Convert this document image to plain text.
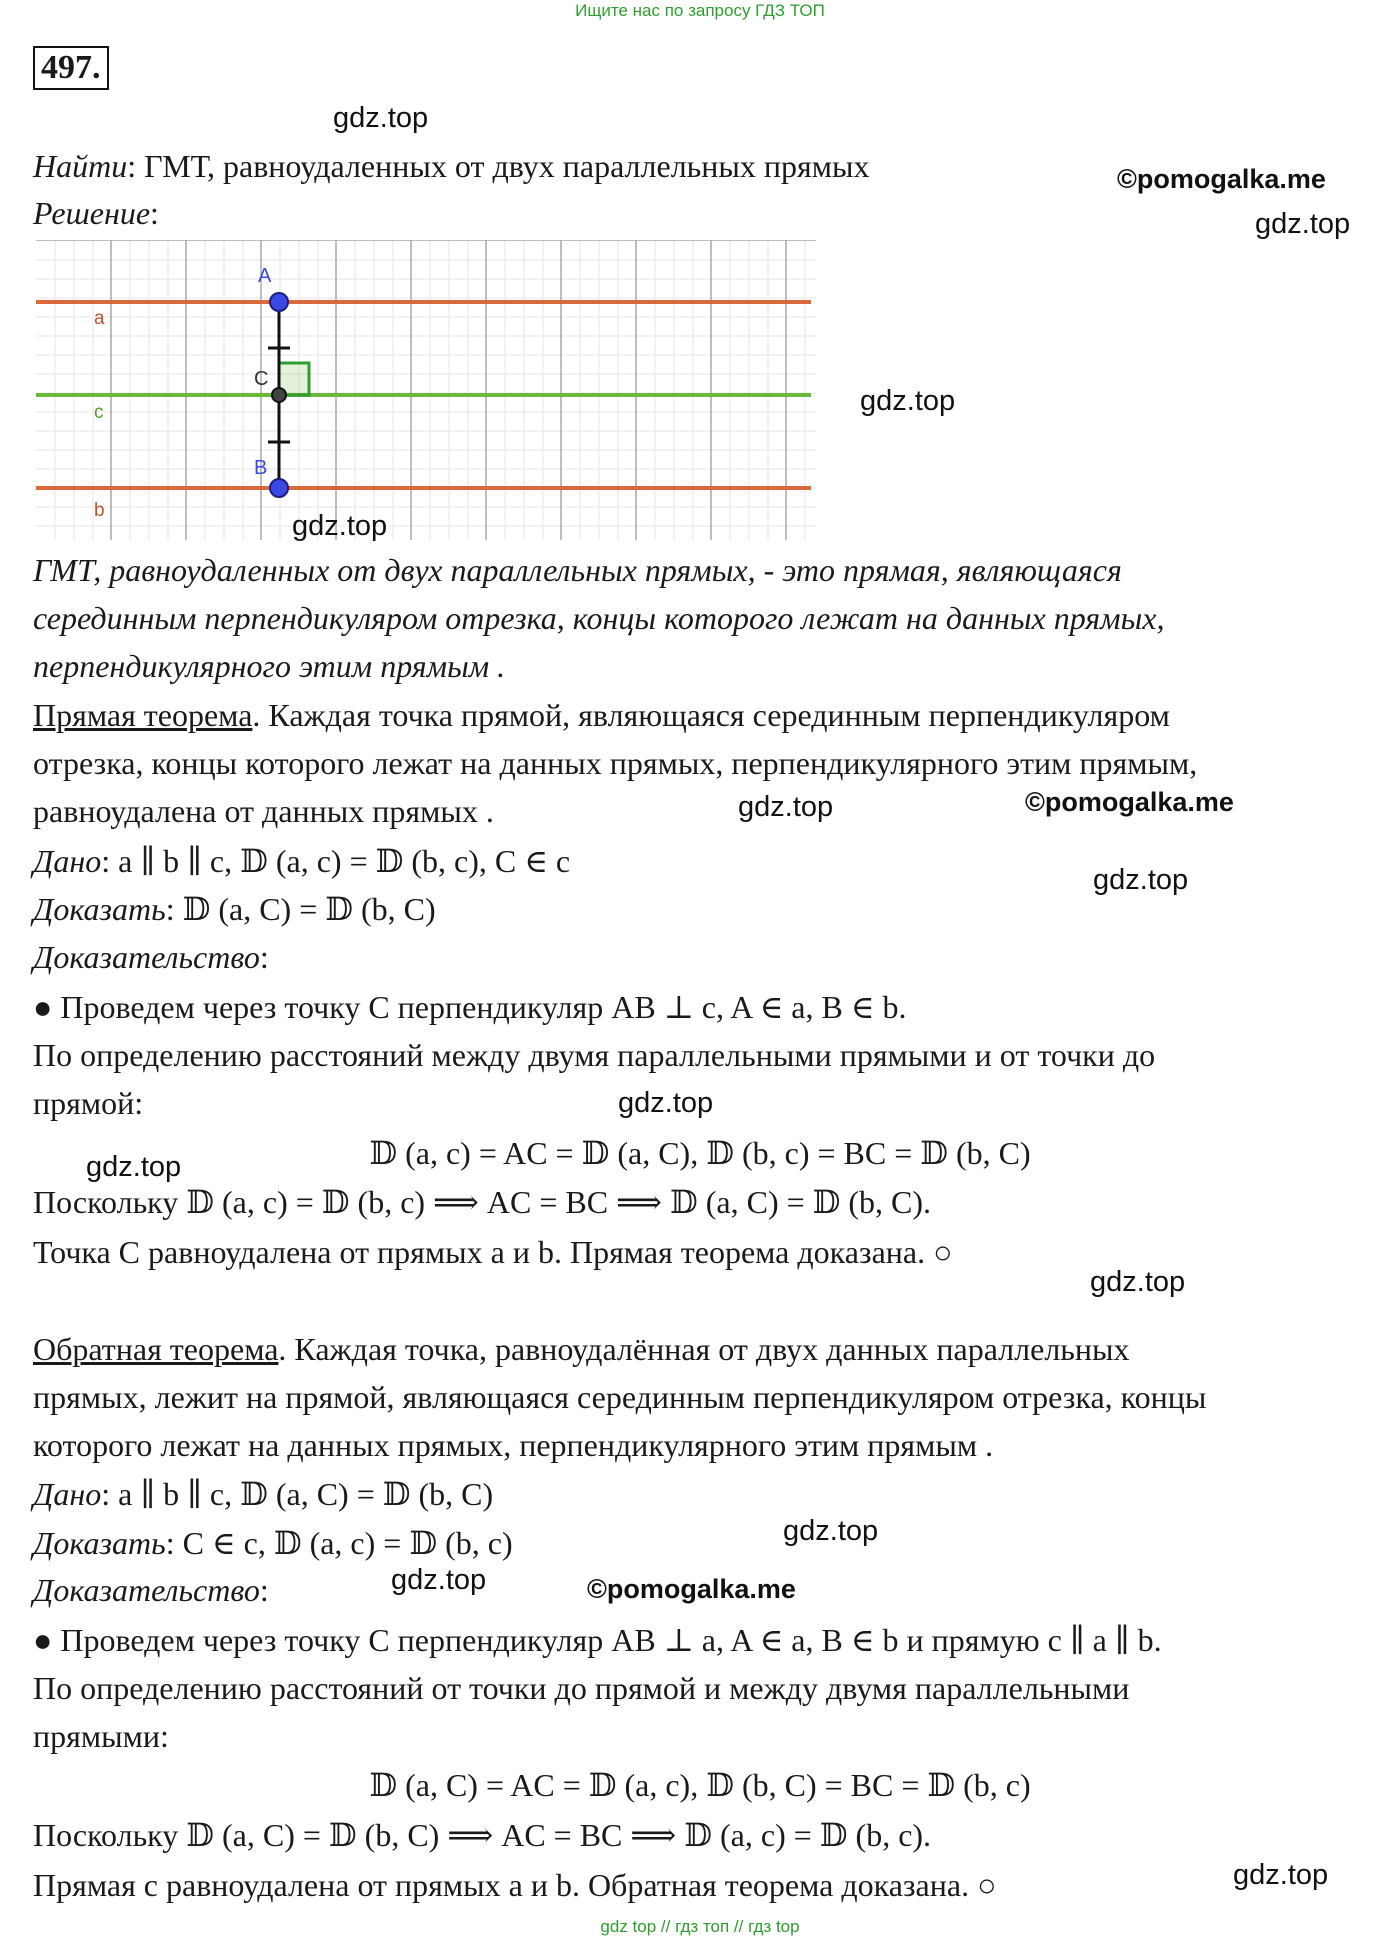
Ищите нас по запросу ГДЗ ТОП
497.
gdz.top
©pomogalka.me
gdz.top
Найти: ГМТ, равноудаленных от двух параллельных прямых
Решение:
A
C
B
a
c
b
gdz.top
gdz.top
ГМТ, равноудаленных от двух параллельных прямых, - это прямая, являющаяся
серединным перпендикуляром отрезка, концы которого лежат на данных прямых,
перпендикулярного этим прямым .
Прямая теорема. Каждая точка прямой, являющаяся серединным перпендикуляром
отрезка, концы которого лежат на данных прямых, перпендикулярного этим прямым,
равноудалена от данных прямых .	gdz.top	©pomogalka.me
Дано: a ∥ b ∥ c, 𝔻 (a, c) = 𝔻 (b, c), C ∈ c
gdz.top
Доказать: 𝔻 (a, C) = 𝔻 (b, C)
Доказательство:
● Проведем через точку C перпендикуляр AB ⊥ c, A ∈ a, B ∈ b.
По определению расстояний между двумя параллельными прямыми и от точки до
прямой:	gdz.top
𝔻 (a, c) = AC = 𝔻 (a, C), 𝔻 (b, c) = BC = 𝔻 (b, C)
gdz.top
Поскольку 𝔻 (a, c) = 𝔻 (b, c) ⟹ AC = BC ⟹ 𝔻 (a, C) = 𝔻 (b, C).
Точка C равноудалена от прямых a и b. Прямая теорема доказана. ○
gdz.top
Обратная теорема. Каждая точка, равноудалённая от двух данных параллельных
прямых, лежит на прямой, являющаяся серединным перпендикуляром отрезка, концы
которого лежат на данных прямых, перпендикулярного этим прямым .
Дано: a ∥ b ∥ c, 𝔻 (a, C) = 𝔻 (b, C)
gdz.top
Доказать: C ∈ c, 𝔻 (a, c) = 𝔻 (b, c)
Доказательство:	gdz.top	©pomogalka.me
● Проведем через точку C перпендикуляр AB ⊥ a, A ∈ a, B ∈ b и прямую c ∥ a ∥ b.
По определению расстояний от точки до прямой и между двумя параллельными
прямыми:
𝔻 (a, C) = AC = 𝔻 (a, c), 𝔻 (b, C) = BC = 𝔻 (b, c)
Поскольку 𝔻 (a, C) = 𝔻 (b, C) ⟹ AC = BC ⟹ 𝔻 (a, c) = 𝔻 (b, c).
Прямая c равноудалена от прямых a и b. Обратная теорема доказана. ○	gdz.top
gdz top // гдз топ // гдз top
